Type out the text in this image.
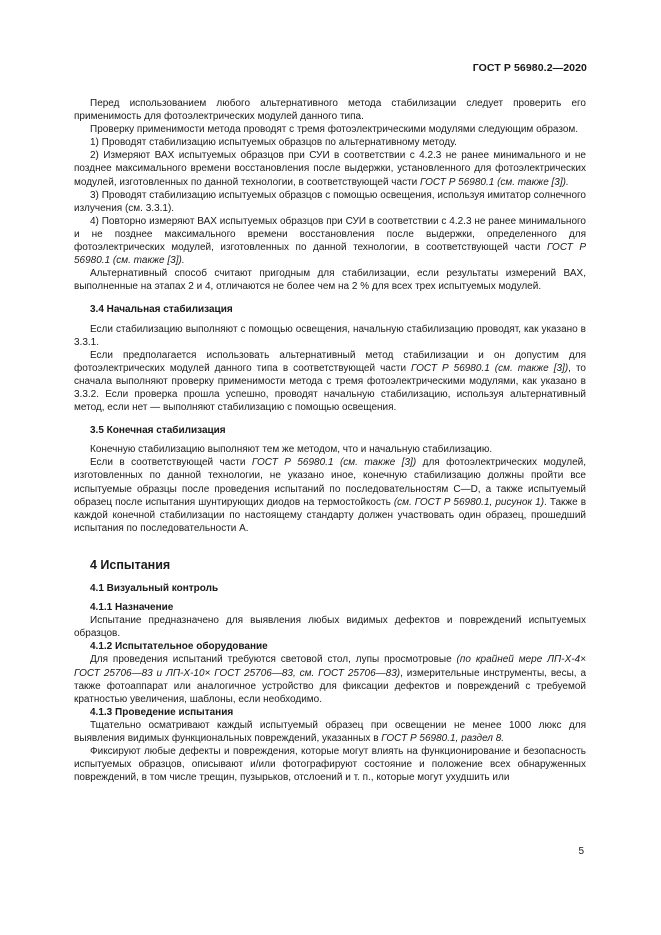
ГОСТ Р 56980.2—2020

Перед использованием любого альтернативного метода стабилизации следует проверить его применимость для фотоэлектрических модулей данного типа.

Проверку применимости метода проводят с тремя фотоэлектрическими модулями следующим образом.

1) Проводят стабилизацию испытуемых образцов по альтернативному методу.

2) Измеряют ВАХ испытуемых образцов при СУИ в соответствии с 4.2.3 не ранее минимального и не позднее максимального времени восстановления после выдержки, установленного для фотоэлектрических модулей, изготовленных по данной технологии, в соответствующей части ГОСТ Р 56980.1 (см. также [3]).

3) Проводят стабилизацию испытуемых образцов с помощью освещения, используя имитатор солнечного излучения (см. 3.3.1).

4) Повторно измеряют ВАХ испытуемых образцов при СУИ в соответствии с 4.2.3 не ранее минимального и не позднее максимального времени восстановления после выдержки, определенного для фотоэлектрических модулей, изготовленных по данной технологии, в соответствующей части ГОСТ Р 56980.1 (см. также [3]).

Альтернативный способ считают пригодным для стабилизации, если результаты измерений ВАХ, выполненные на этапах 2 и 4, отличаются не более чем на 2 % для всех трех испытуемых модулей.

3.4 Начальная стабилизация

Если стабилизацию выполняют с помощью освещения, начальную стабилизацию проводят, как указано в 3.3.1.

Если предполагается использовать альтернативный метод стабилизации и он допустим для фотоэлектрических модулей данного типа в соответствующей части ГОСТ Р 56980.1 (см. также [3]), то сначала выполняют проверку применимости метода с тремя фотоэлектрическими модулями, как указано в 3.3.2. Если проверка прошла успешно, проводят начальную стабилизацию, используя альтернативный метод, если нет — выполняют стабилизацию с помощью освещения.

3.5 Конечная стабилизация

Конечную стабилизацию выполняют тем же методом, что и начальную стабилизацию.

Если в соответствующей части ГОСТ Р 56980.1 (см. также [3]) для фотоэлектрических модулей, изготовленных по данной технологии, не указано иное, конечную стабилизацию должны пройти все испытуемые образцы после проведения испытаний по последовательностям C—D, а также испытуемый образец после испытания шунтирующих диодов на термостойкость (см. ГОСТ Р 56980.1, рисунок 1). Также в каждой конечной стабилизации по настоящему стандарту должен участвовать один образец, прошедший испытания по последовательности А.

4 Испытания

4.1 Визуальный контроль

4.1.1 Назначение

Испытание предназначено для выявления любых видимых дефектов и повреждений испытуемых образцов.

4.1.2 Испытательное оборудование

Для проведения испытаний требуются световой стол, лупы просмотровые (по крайней мере ЛП-Х-4× ГОСТ 25706—83 и ЛП-Х-10× ГОСТ 25706—83, см. ГОСТ 25706—83), измерительные инструменты, весы, а также фотоаппарат или аналогичное устройство для фиксации дефектов и повреждений с требуемой кратностью увеличения, шаблоны, если необходимо.

4.1.3 Проведение испытания

Тщательно осматривают каждый испытуемый образец при освещении не менее 1000 люкс для выявления видимых функциональных повреждений, указанных в ГОСТ Р 56980.1, раздел 8.

Фиксируют любые дефекты и повреждения, которые могут влиять на функционирование и безопасность испытуемых образцов, описывают и/или фотографируют состояние и положение всех обнаруженных повреждений, в том числе трещин, пузырьков, отслоений и т. п., которые могут ухудшить или

5
